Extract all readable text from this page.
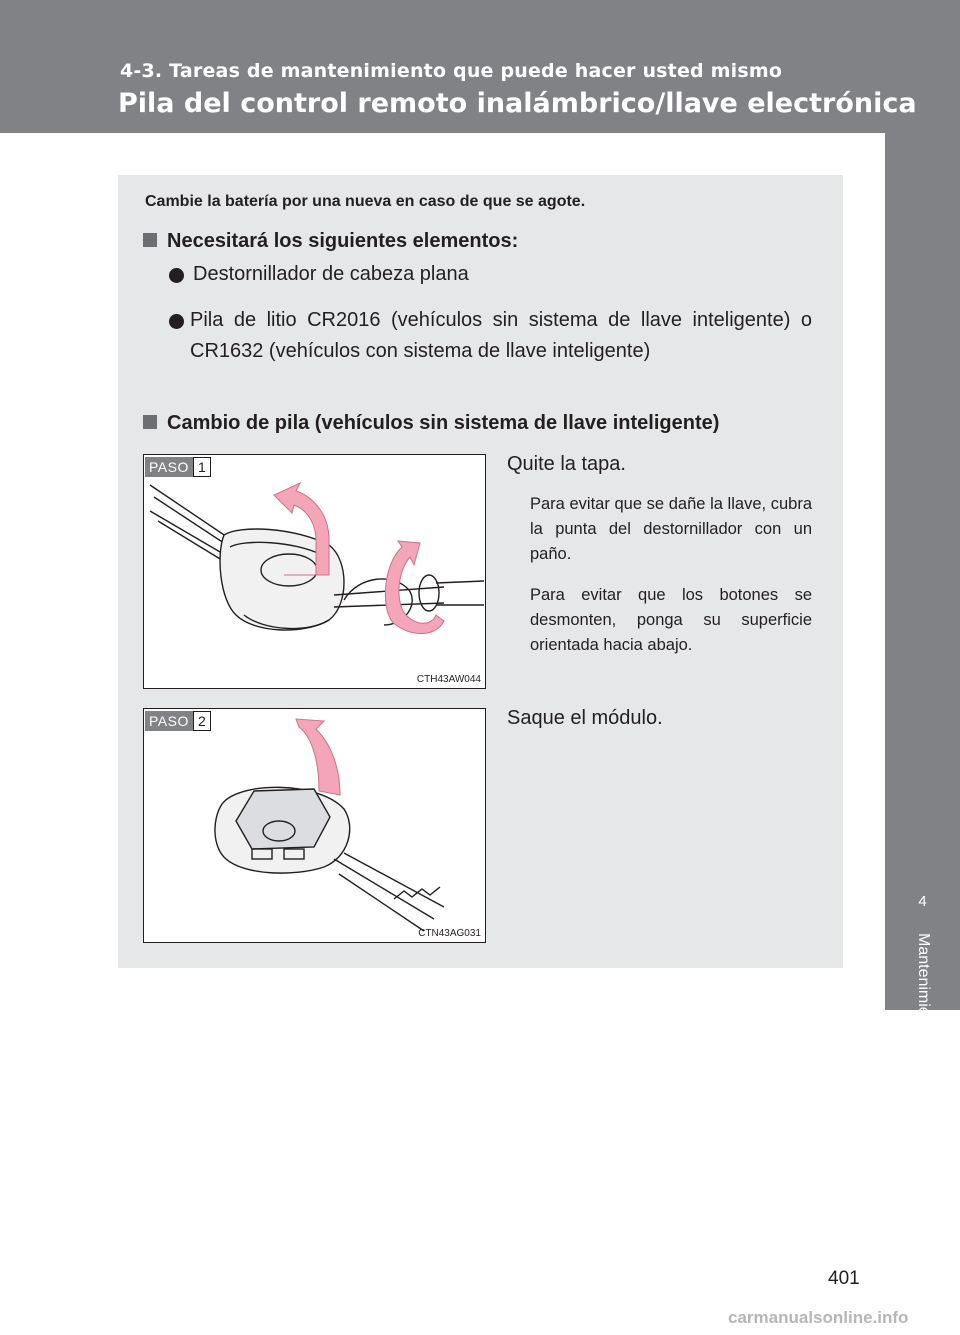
4-3. Tareas de mantenimiento que puede hacer usted mismo
Pila del control remoto inalámbrico/llave electrónica
4
Mantenimiento y cuidados
Cambie la batería por una nueva en caso de que se agote.
Necesitará los siguientes elementos:
Destornillador de cabeza plana
Pila de litio CR2016 (vehículos sin sistema de llave inteligente) o CR1632 (vehículos con sistema de llave inteligente)
Cambio de pila (vehículos sin sistema de llave inteligente)
PASO 1
CTH43AW044
Quite la tapa.
Para evitar que se dañe la llave, cubra la punta del destornillador con un paño.
Para evitar que los botones se desmonten, ponga su superficie orientada hacia abajo.
PASO 2
CTN43AG031
Saque el módulo.
401
carmanualsonline.info
